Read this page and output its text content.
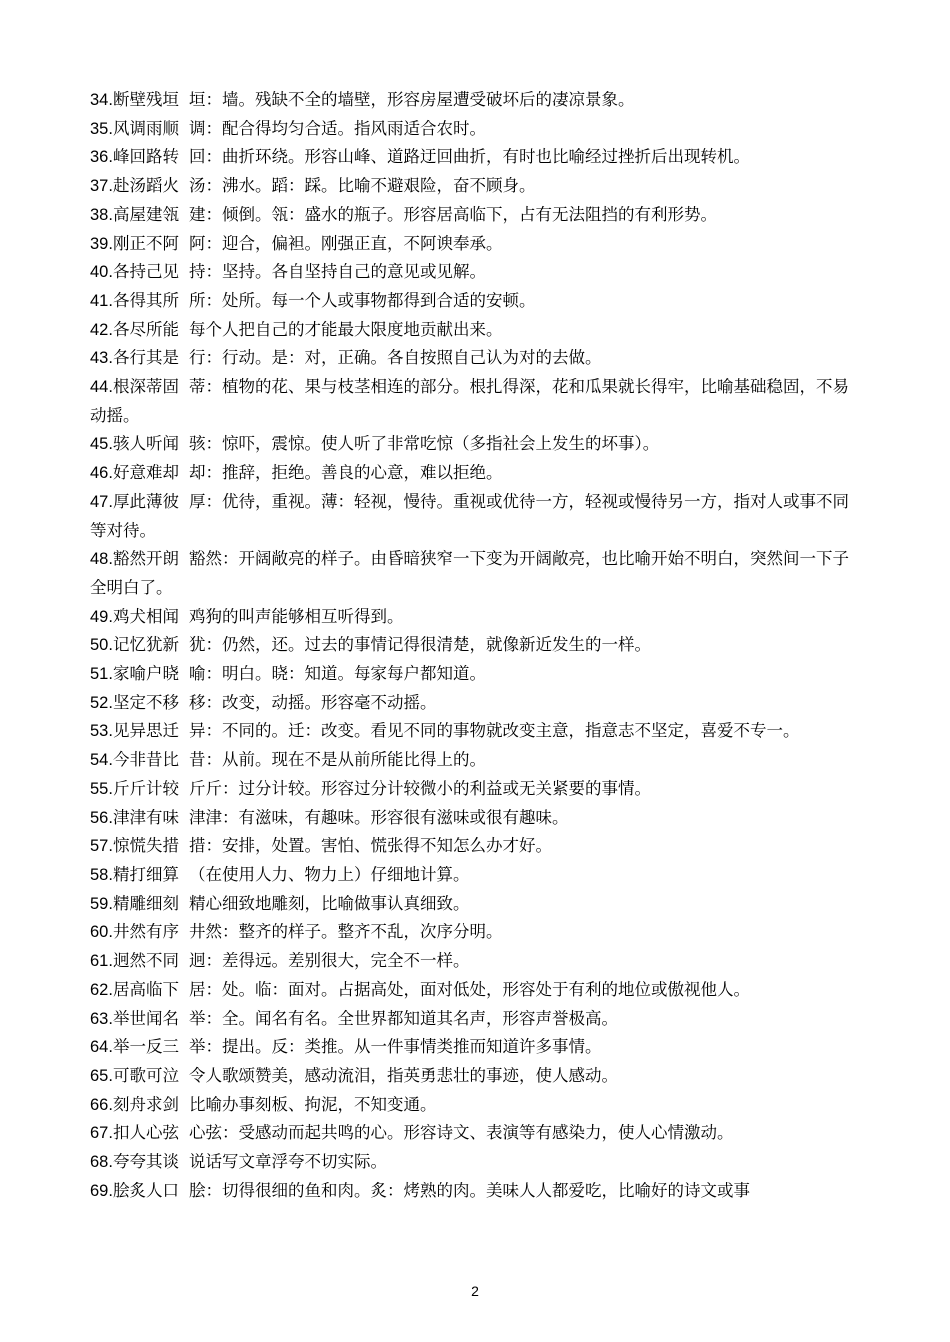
34.断壁残垣 垣：墙。残缺不全的墙壁，形容房屋遭受破坏后的凄凉景象。

35.风调雨顺 调：配合得均匀合适。指风雨适合农时。

36.峰回路转 回：曲折环绕。形容山峰、道路迂回曲折，有时也比喻经过挫折后出现转机。

37.赴汤蹈火 汤：沸水。蹈：踩。比喻不避艰险，奋不顾身。

38.高屋建瓴 建：倾倒。瓴：盛水的瓶子。形容居高临下，占有无法阻挡的有利形势。

39.刚正不阿 阿：迎合，偏袒。刚强正直，不阿谀奉承。

40.各持己见 持：坚持。各自坚持自己的意见或见解。

41.各得其所 所：处所。每一个人或事物都得到合适的安顿。

42.各尽所能 每个人把自己的才能最大限度地贡献出来。

43.各行其是 行：行动。是：对，正确。各自按照自己认为对的去做。

44.根深蒂固 蒂：植物的花、果与枝茎相连的部分。根扎得深，花和瓜果就长得牢，比喻基础稳固，不易动摇。

45.骇人听闻 骇：惊吓，震惊。使人听了非常吃惊（多指社会上发生的坏事）。

46.好意难却 却：推辞，拒绝。善良的心意，难以拒绝。

47.厚此薄彼 厚：优待，重视。薄：轻视，慢待。重视或优待一方，轻视或慢待另一方，指对人或事不同等对待。

48.豁然开朗 豁然：开阔敞亮的样子。由昏暗狭窄一下变为开阔敞亮，也比喻开始不明白，突然间一下子全明白了。

49.鸡犬相闻 鸡狗的叫声能够相互听得到。

50.记忆犹新 犹：仍然，还。过去的事情记得很清楚，就像新近发生的一样。

51.家喻户晓 喻：明白。晓：知道。每家每户都知道。

52.坚定不移 移：改变，动摇。形容毫不动摇。

53.见异思迁 异：不同的。迁：改变。看见不同的事物就改变主意，指意志不坚定，喜爱不专一。

54.今非昔比 昔：从前。现在不是从前所能比得上的。

55.斤斤计较 斤斤：过分计较。形容过分计较微小的利益或无关紧要的事情。

56.津津有味 津津：有滋味，有趣味。形容很有滋味或很有趣味。

57.惊慌失措 措：安排，处置。害怕、慌张得不知怎么办才好。

58.精打细算 （在使用人力、物力上）仔细地计算。

59.精雕细刻 精心细致地雕刻，比喻做事认真细致。

60.井然有序 井然：整齐的样子。整齐不乱，次序分明。

61.迥然不同 迥：差得远。差别很大，完全不一样。

62.居高临下 居：处。临：面对。占据高处，面对低处，形容处于有利的地位或傲视他人。

63.举世闻名 举：全。闻名有名。全世界都知道其名声，形容声誉极高。

64.举一反三 举：提出。反：类推。从一件事情类推而知道许多事情。

65.可歌可泣 令人歌颂赞美，感动流泪，指英勇悲壮的事迹，使人感动。

66.刻舟求剑 比喻办事刻板、拘泥，不知变通。

67.扣人心弦 心弦：受感动而起共鸣的心。形容诗文、表演等有感染力，使人心情激动。

68.夸夸其谈 说话写文章浮夸不切实际。

69.脍炙人口 脍：切得很细的鱼和肉。炙：烤熟的肉。美味人人都爱吃，比喻好的诗文或事

2
